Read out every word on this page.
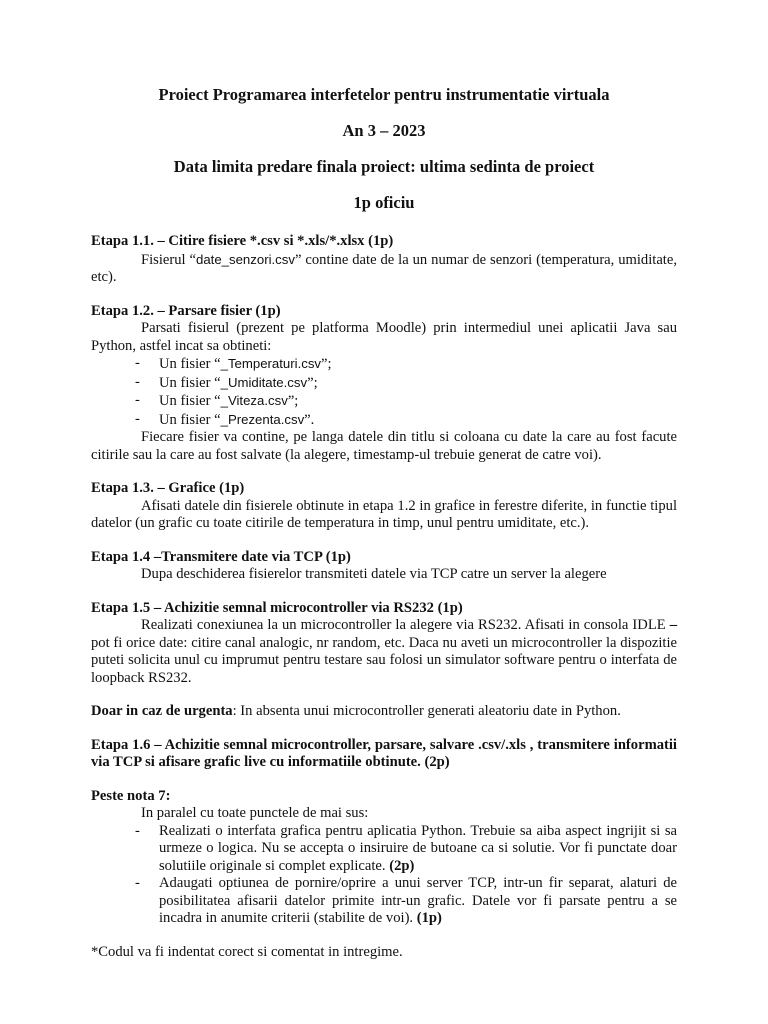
Proiect Programarea interfetelor pentru instrumentatie virtuala

An 3 – 2023

Data limita predare finala proiect: ultima sedinta de proiect

1p oficiu

Etapa 1.1. – Citire fisiere *.csv si *.xls/*.xlsx (1p)

Fisierul “date_senzori.csv” contine date de la un numar de senzori (temperatura, umiditate, etc).

Etapa 1.2. – Parsare fisier (1p)

Parsati fisierul (prezent pe platforma Moodle) prin intermediul unei aplicatii Java sau Python, astfel incat sa obtineti:

- Un fisier “_Temperaturi.csv”;
- Un fisier “_Umiditate.csv”;
- Un fisier “_Viteza.csv”;
- Un fisier “_Prezenta.csv”.

Fiecare fisier va contine, pe langa datele din titlu si coloana cu date la care au fost facute citirile sau la care au fost salvate (la alegere, timestamp-ul trebuie generat de catre voi).

Etapa 1.3. – Grafice (1p)

Afisati datele din fisierele obtinute in etapa 1.2 in grafice in ferestre diferite, in functie tipul datelor (un grafic cu toate citirile de temperatura in timp, unul pentru umiditate, etc.).

Etapa 1.4 –Transmitere date via TCP (1p)

Dupa deschiderea fisierelor transmiteti datele via TCP catre un server la alegere

Etapa 1.5 – Achizitie semnal microcontroller via RS232 (1p)

Realizati conexiunea la un microcontroller la alegere via RS232. Afisati in consola IDLE – pot fi orice date: citire canal analogic, nr random, etc. Daca nu aveti un microcontroller la dispozitie puteti solicita unul cu imprumut pentru testare sau folosi un simulator software pentru o interfata de loopback RS232.

Doar in caz de urgenta: In absenta unui microcontroller generati aleatoriu date in Python.

Etapa 1.6 – Achizitie semnal microcontroller, parsare, salvare .csv/.xls , transmitere informatii via TCP si afisare grafic live cu informatiile obtinute. (2p)

Peste nota 7:

In paralel cu toate punctele de mai sus:

- Realizati o interfata grafica pentru aplicatia Python. Trebuie sa aiba aspect ingrijit si sa urmeze o logica. Nu se accepta o insiruire de butoane ca si solutie. Vor fi punctate doar solutiile originale si complet explicate. (2p)
- Adaugati optiunea de pornire/oprire a unui server TCP, intr-un fir separat, alaturi de posibilitatea afisarii datelor primite intr-un grafic. Datele vor fi parsate pentru a se incadra in anumite criterii (stabilite de voi). (1p)

*Codul va fi indentat corect si comentat in intregime.
